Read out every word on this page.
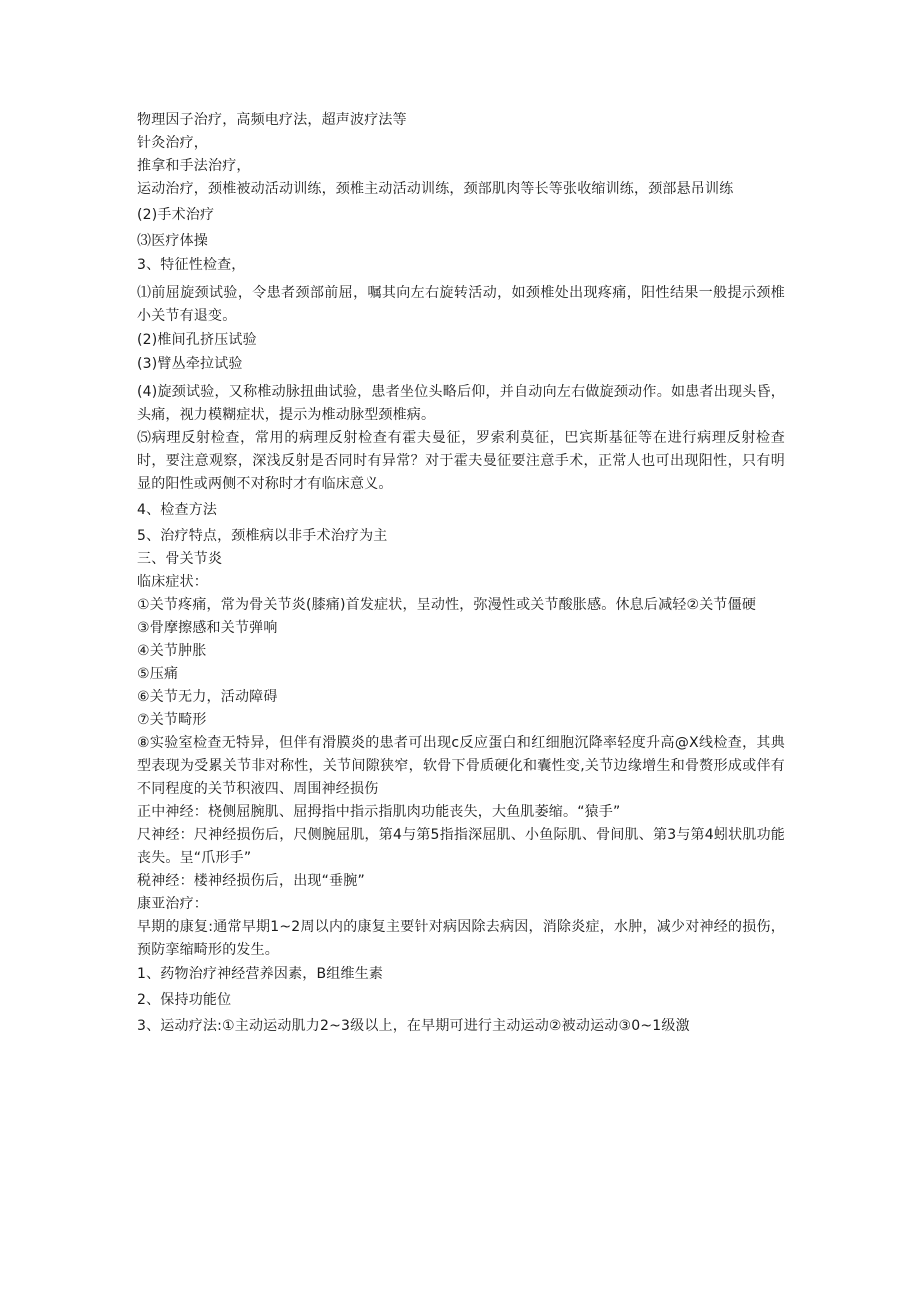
物理因子治疗，高频电疗法，超声波疗法等

针灸治疗，

推拿和手法治疗，

运动治疗，颈椎被动活动训练，颈椎主动活动训练，颈部肌肉等长等张收缩训练，颈部悬吊训练

(2)手术治疗

⑶医疗体操

3、特征性检查，

⑴前屈旋颈试验，令患者颈部前屈，嘱其向左右旋转活动，如颈椎处出现疼痛，阳性结果一般提示颈椎小关节有退变。

(2)椎间孔挤压试验

(3)臂丛牵拉试验

(4)旋颈试验，又称椎动脉扭曲试验，患者坐位头略后仰，并自动向左右做旋颈动作。如患者出现头昏，头痛，视力模糊症状，提示为椎动脉型颈椎病。

⑸病理反射检查，常用的病理反射检查有霍夫曼征，罗索利莫征，巴宾斯基征等在进行病理反射检查时，要注意观察，深浅反射是否同时有异常？对于霍夫曼征要注意手术，正常人也可出现阳性，只有明显的阳性或两侧不对称时才有临床意义。

4、检查方法

5、治疗特点，颈椎病以非手术治疗为主

三、骨关节炎

临床症状：

①关节疼痛，常为骨关节炎(膝痛)首发症状，呈动性，弥漫性或关节酸胀感。休息后减轻②关节僵硬

③骨摩擦感和关节弹响

④关节肿胀

⑤压痛

⑥关节无力，活动障碍

⑦关节畸形

⑧实验室检查无特异，但伴有滑膜炎的患者可出现c反应蛋白和红细胞沉降率轻度升高@X线检查，其典型表现为受累关节非对称性，关节间隙狭窄，软骨下骨质硬化和囊性变,关节边缘增生和骨赘形成或伴有不同程度的关节积液四、周围神经损伤

正中神经：桡侧屈腕肌、屈拇指中指示指肌肉功能丧失，大鱼肌萎缩。“猿手”

尺神经：尺神经损伤后，尺侧腕屈肌，第4与第5指指深屈肌、小鱼际肌、骨间肌、第3与第4蚓状肌功能丧失。呈“爪形手”

税神经：楼神经损伤后，出现“垂腕”

康亚治疗：

早期的康复:通常早期1~2周以内的康复主要针对病因除去病因，消除炎症，水肿，减少对神经的损伤，预防挛缩畸形的发生。

1、药物治疗神经营养因素，B组维生素

2、保持功能位

3、运动疗法:①主动运动肌力2~3级以上，在早期可进行主动运动②被动运动③0~1级激
